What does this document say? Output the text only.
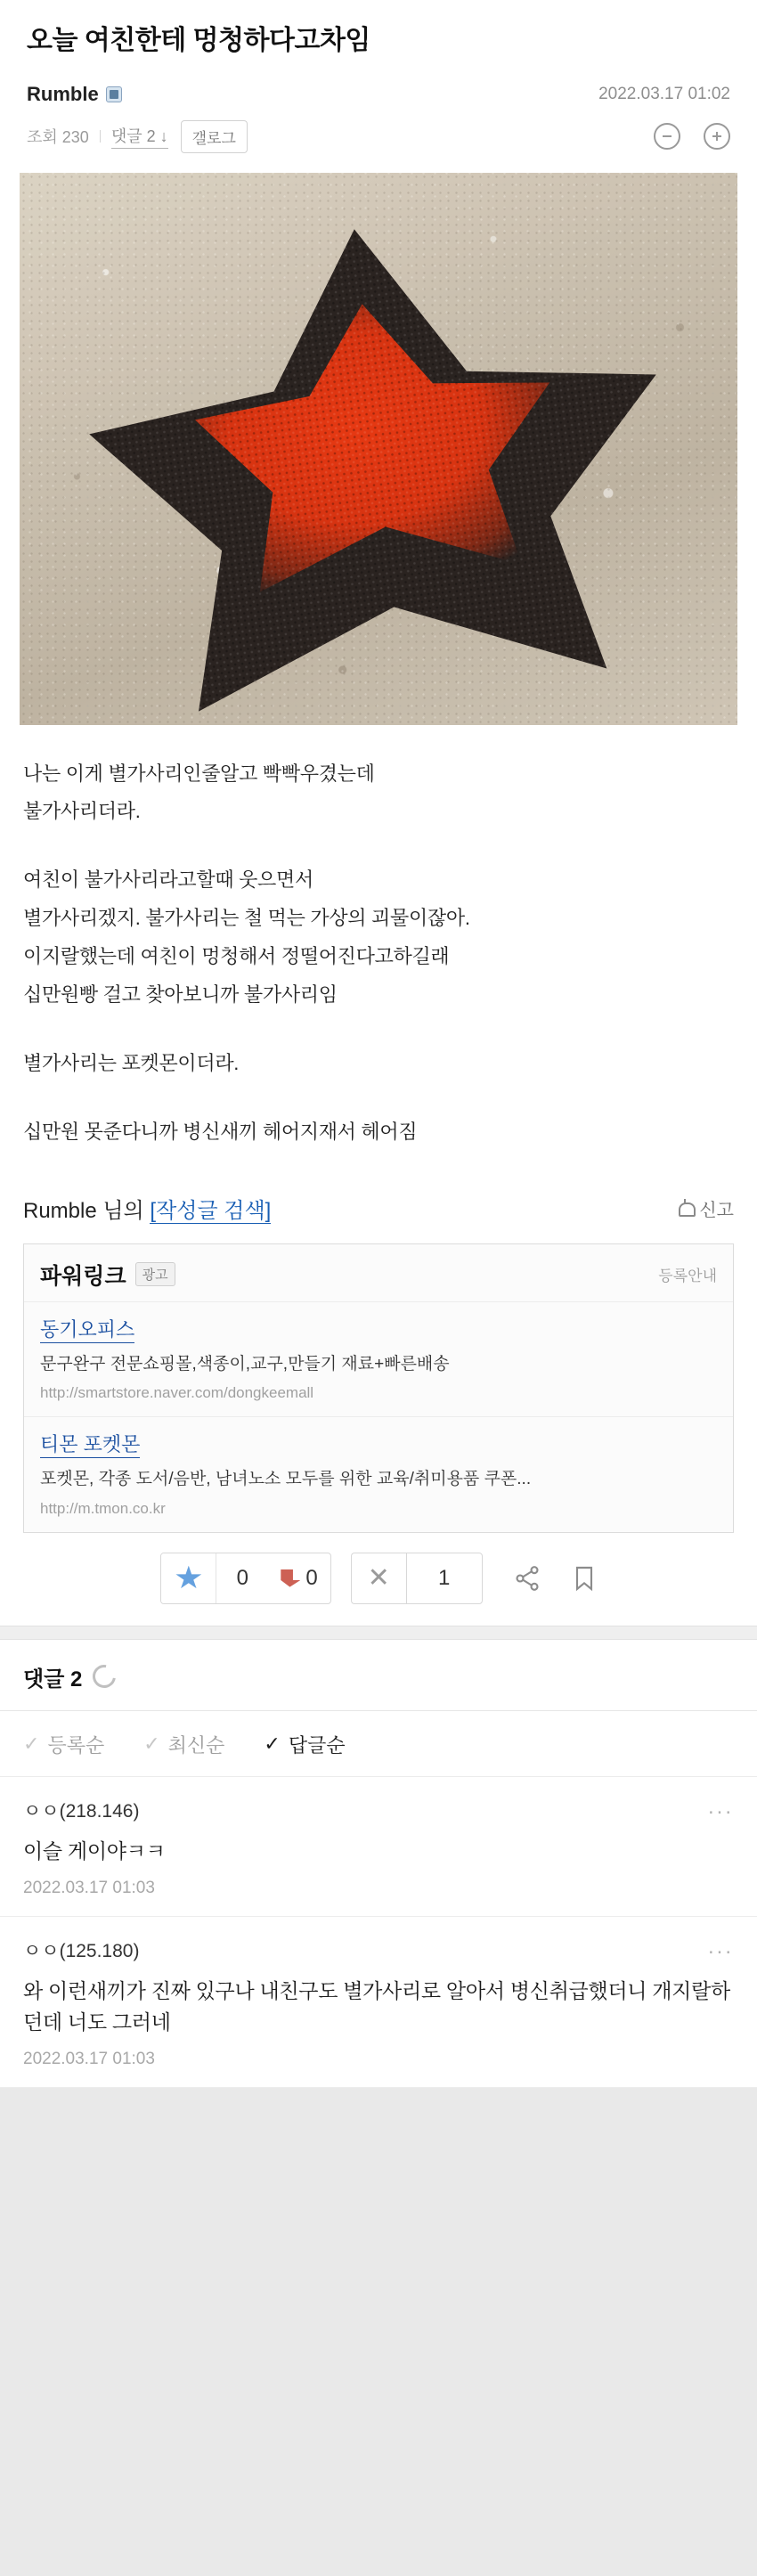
오늘 여친한테 멍청하다고차임
Rumble	2022.03.17 01:02
조회 230	댓글 2 ↓	갤로그

나는 이게 별가사리인줄알고 빡빡우겼는데

불가사리더라.

여친이 불가사리라고할때 웃으면서

별가사리겠지. 불가사리는 철 먹는 가상의 괴물이잖아.

이지랄했는데 여친이 멍청해서 정떨어진다고하길래

십만원빵 걸고 찾아보니까 불가사리임

별가사리는 포켓몬이더라.

십만원 못준다니까 병신새끼 헤어지재서 헤어짐

Rumble 님의 [작성글 검색]	신고
파워링크	광고	등록안내
동기오피스
문구완구 전문쇼핑몰,색종이,교구,만들기 재료+빠른배송
http://smartstore.naver.com/dongkeemall
티몬 포켓몬
포켓몬, 각종 도서/음반, 남녀노소 모두를 위한 교육/취미용품 쿠폰...
http://m.tmon.co.kr
0	0	✕	1
댓글 2
✓ 등록순 ✓ 최신순 ✓ 답글순
ㅇㅇ(218.146)	...
이슬 게이야ㅋㅋ
2022.03.17 01:03
ㅇㅇ(125.180)	...
와 이런새끼가 진짜 있구나 내친구도 별가사리로 알아서 병신취급했더니 개지랄하던데 너도 그러네
2022.03.17 01:03
